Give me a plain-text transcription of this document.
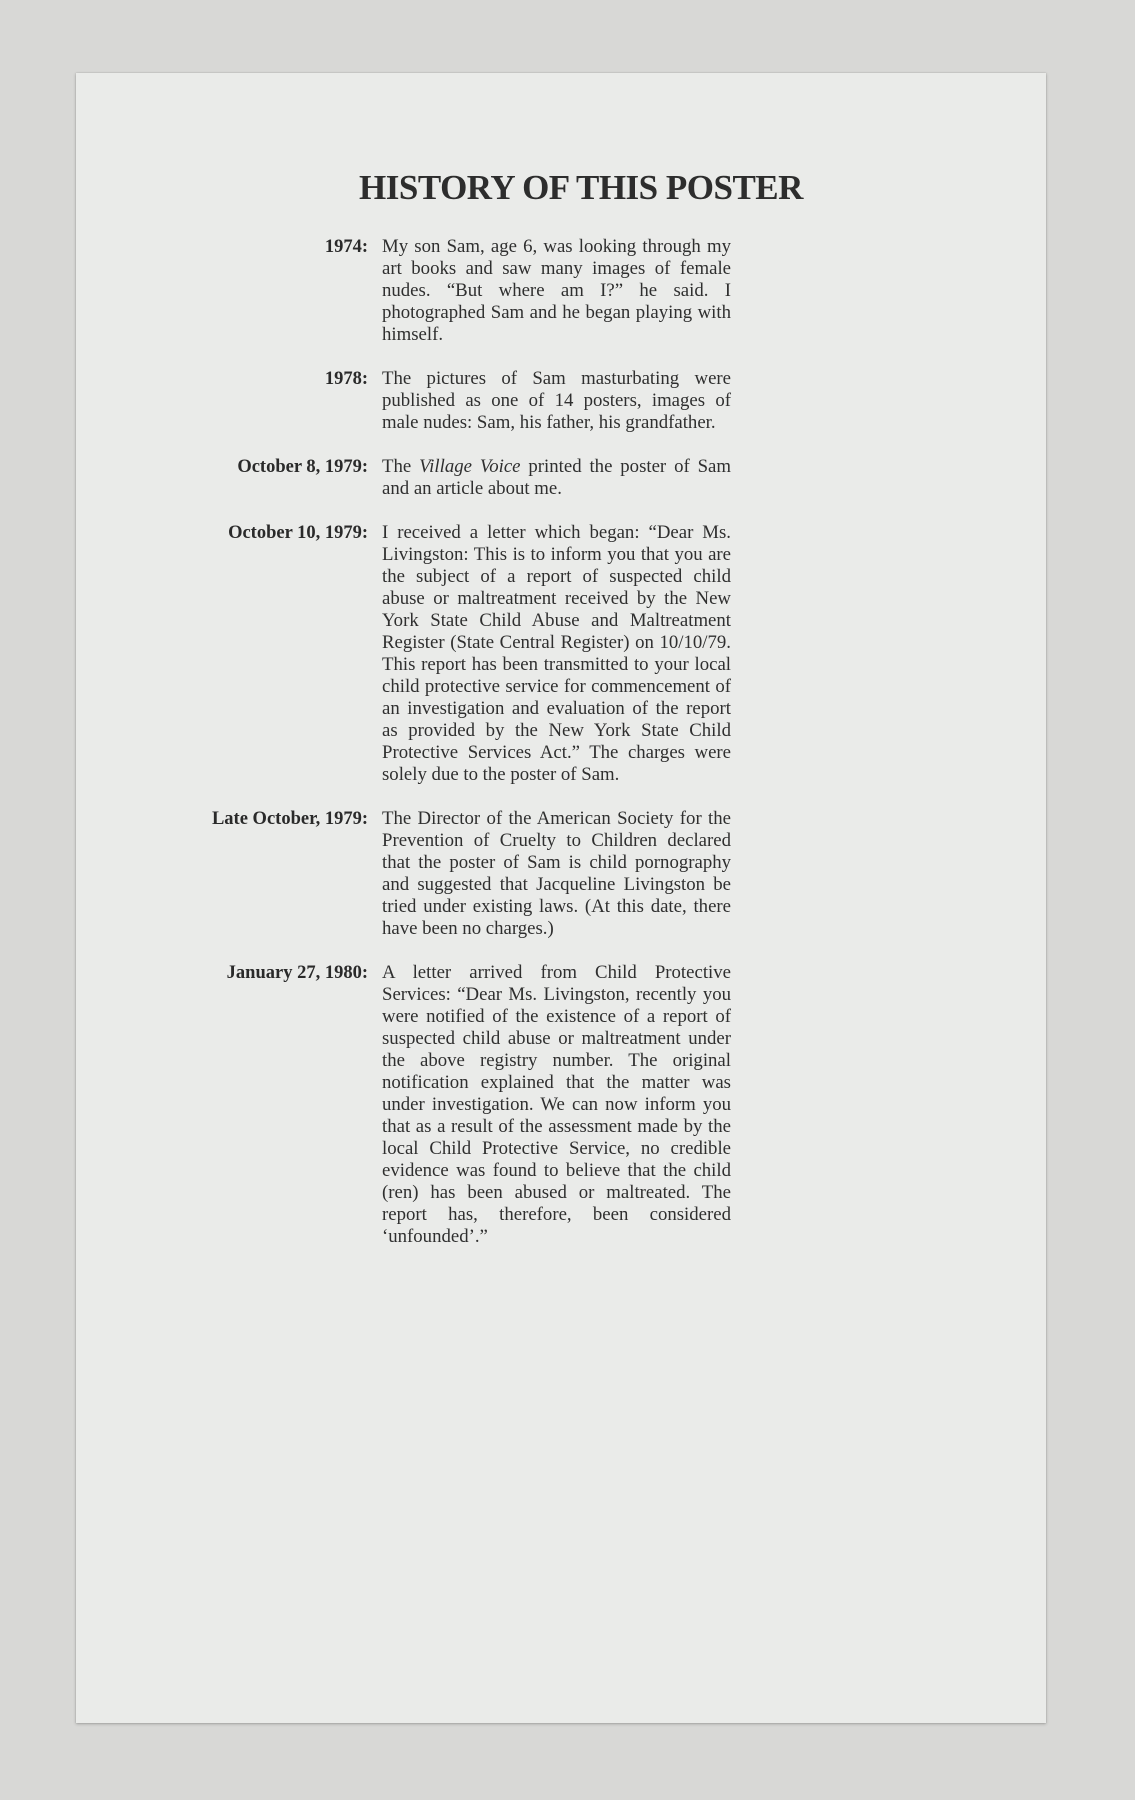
HISTORY OF THIS POSTER
1974: My son Sam, age 6, was looking through my art books and saw many images of female nudes. “But where am I?” he said. I photographed Sam and he began playing with himself.
1978: The pictures of Sam masturbating were published as one of 14 posters, images of male nudes: Sam, his father, his grandfather.
October 8, 1979: The Village Voice printed the poster of Sam and an article about me.
October 10, 1979: I received a letter which began: “Dear Ms. Livingston: This is to inform you that you are the subject of a report of suspected child abuse or maltreatment received by the New York State Child Abuse and Maltreatment Register (State Central Register) on 10/10/79. This report has been transmitted to your local child protective service for commencement of an investigation and evaluation of the report as provided by the New York State Child Protective Services Act.” The charges were solely due to the poster of Sam.
Late October, 1979: The Director of the American Society for the Prevention of Cruelty to Children declared that the poster of Sam is child pornography and suggested that Jacqueline Livingston be tried under existing laws. (At this date, there have been no charges.)
January 27, 1980: A letter arrived from Child Protective Services: “Dear Ms. Livingston, recently you were notified of the existence of a report of suspected child abuse or maltreatment under the above registry number. The original notification explained that the matter was under investigation. We can now inform you that as a result of the assessment made by the local Child Protective Service, no credible evidence was found to believe that the child (ren) has been abused or maltreated. The report has, therefore, been considered ‘unfounded’.”
